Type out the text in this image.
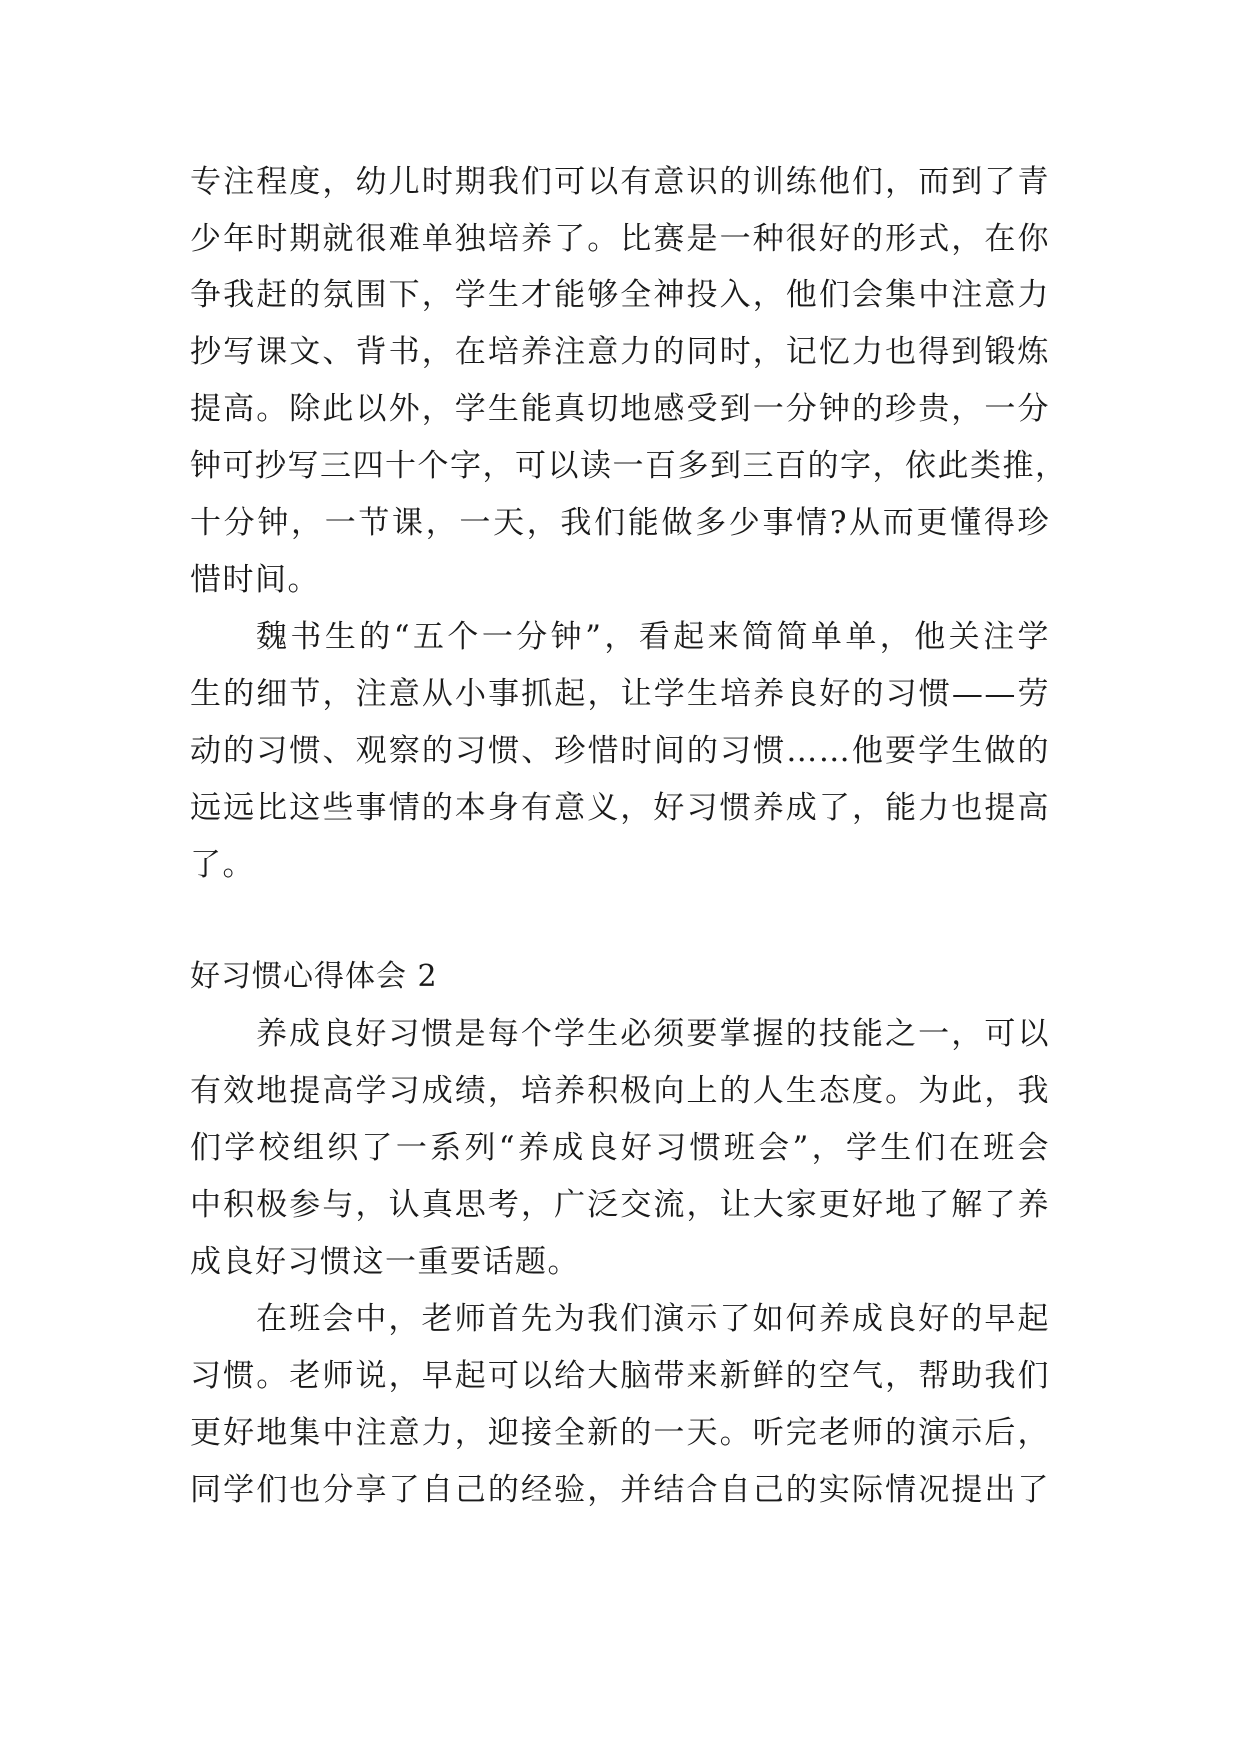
专注程度，幼儿时期我们可以有意识的训练他们，而到了青
少年时期就很难单独培养了。比赛是一种很好的形式，在你
争我赶的氛围下，学生才能够全神投入，他们会集中注意力
抄写课文、背书，在培养注意力的同时，记忆力也得到锻炼
提高。除此以外，学生能真切地感受到一分钟的珍贵，一分
钟可抄写三四十个字，可以读一百多到三百的字，依此类推，
十分钟，一节课，一天，我们能做多少事情?从而更懂得珍
惜时间。
魏书生的“五个一分钟”，看起来简简单单，他关注学
生的细节，注意从小事抓起，让学生培养良好的习惯——劳
动的习惯、观察的习惯、珍惜时间的习惯……他要学生做的
远远比这些事情的本身有意义，好习惯养成了，能力也提高
了。
好习惯心得体会 2
养成良好习惯是每个学生必须要掌握的技能之一，可以
有效地提高学习成绩，培养积极向上的人生态度。为此，我
们学校组织了一系列“养成良好习惯班会”，学生们在班会
中积极参与，认真思考，广泛交流，让大家更好地了解了养
成良好习惯这一重要话题。
在班会中，老师首先为我们演示了如何养成良好的早起
习惯。老师说，早起可以给大脑带来新鲜的空气，帮助我们
更好地集中注意力，迎接全新的一天。听完老师的演示后，
同学们也分享了自己的经验，并结合自己的实际情况提出了
